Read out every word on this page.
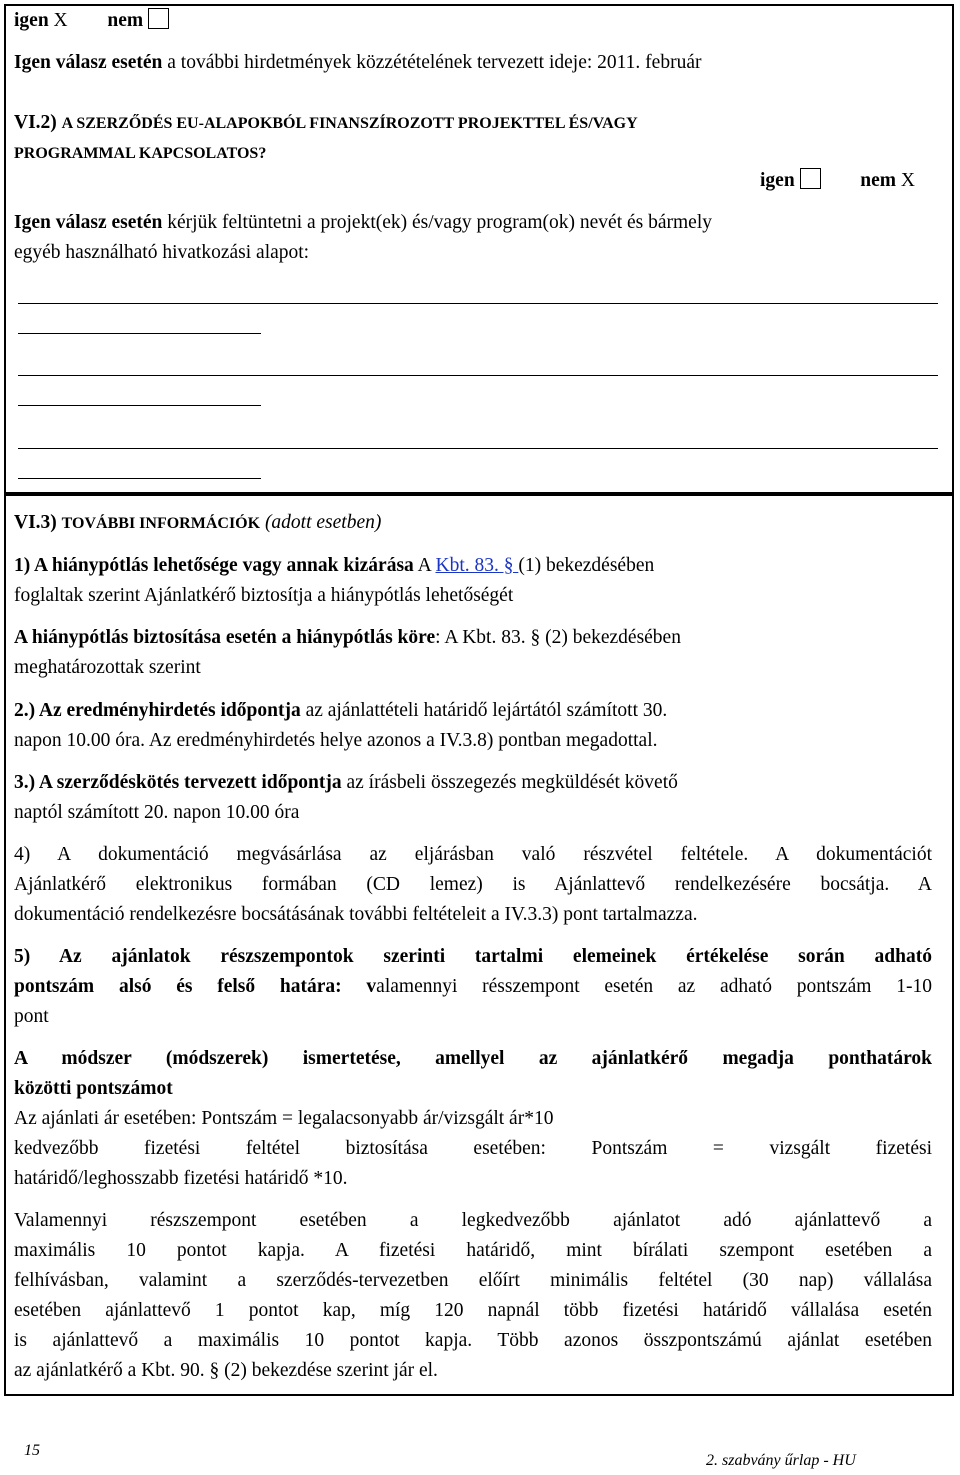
igen X nem
Igen válasz esetén a további hirdetmények közzétételének tervezett ideje: 2011. február
VI.2) A SZERZŐDÉS EU-ALAPOKBÓL FINANSZÍROZOTT PROJEKTTEL ÉS/VAGY
PROGRAMMAL KAPCSOLATOS?
igen	nem X
Igen válasz esetén kérjük feltüntetni a projekt(ek) és/vagy program(ok) nevét és bármely
egyéb használható hivatkozási alapot:
VI.3) TOVÁBBI INFORMÁCIÓK (adott esetben)
1) A hiánypótlás lehetősége vagy annak kizárása A Kbt. 83. § (1) bekezdésében
foglaltak szerint Ajánlatkérő biztosítja a hiánypótlás lehetőségét
A hiánypótlás biztosítása esetén a hiánypótlás köre: A Kbt. 83. § (2) bekezdésében
meghatározottak szerint
2.) Az eredményhirdetés időpontja az ajánlattételi határidő lejártától számított 30.
napon 10.00 óra. Az eredményhirdetés helye azonos a IV.3.8) pontban megadottal.
3.) A szerződéskötés tervezett időpontja az írásbeli összegezés megküldését követő
naptól számított 20. napon 10.00 óra
4) A dokumentáció megvásárlása az eljárásban való részvétel feltétele. A dokumentációt
Ajánlatkérő elektronikus formában (CD lemez) is Ajánlattevő rendelkezésére bocsátja. A
dokumentáció rendelkezésre bocsátásának további feltételeit a IV.3.3) pont tartalmazza.
5) Az ajánlatok részszempontok szerinti tartalmi elemeinek értékelése során adható
pontszám alsó és felső határa: valamennyi résszempont esetén az adható pontszám 1-10
pont
A módszer (módszerek) ismertetése, amellyel az ajánlatkérő megadja ponthatárok
közötti pontszámot
Az ajánlati ár esetében: Pontszám = legalacsonyabb ár/vizsgált ár*10
kedvezőbb fizetési feltétel biztosítása esetében: Pontszám = vizsgált fizetési
határidő/leghosszabb fizetési határidő *10.
Valamennyi részszempont esetében a legkedvezőbb ajánlatot adó ajánlattevő a
maximális 10 pontot kapja. A fizetési határidő, mint bírálati szempont esetében a
felhívásban, valamint a szerződés-tervezetben előírt minimális feltétel (30 nap) vállalása
esetében ajánlattevő 1 pontot kap, míg 120 napnál több fizetési határidő vállalása esetén
is ajánlattevő a maximális 10 pontot kapja. Több azonos összpontszámú ajánlat esetében
az ajánlatkérő a Kbt. 90. § (2) bekezdése szerint jár el.
15
2. szabvány űrlap - HU
